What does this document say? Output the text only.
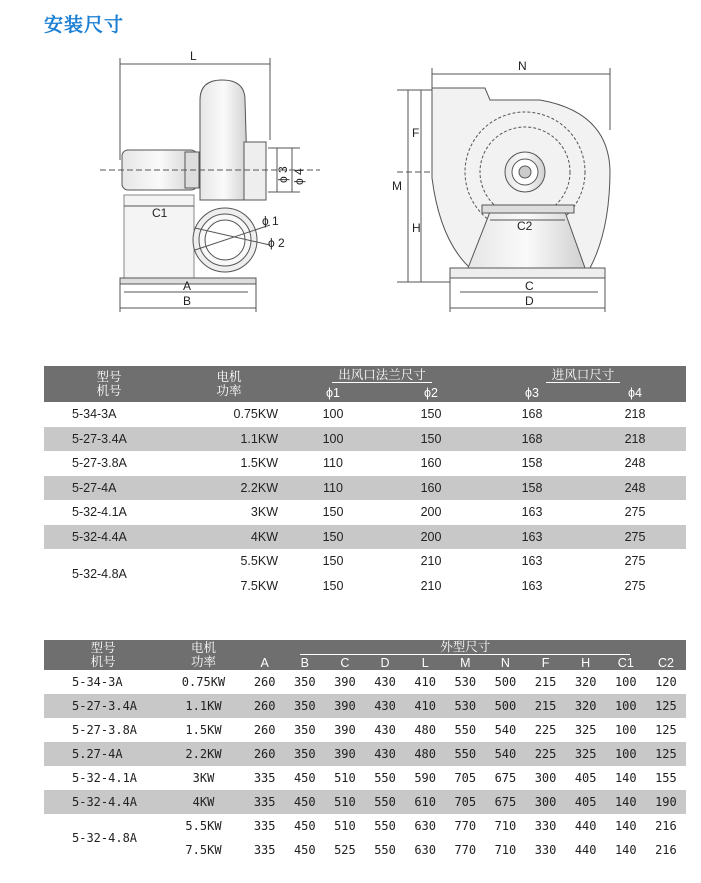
安装尺寸
L
C1
A
B
ϕ 1
ϕ 2
ϕ 3 ϕ 4
N
F
M
H	C2
C
D
型号
机号	电机
功率	出风口法兰尺寸		进风口尺寸	
		ϕ1	ϕ2	ϕ3	ϕ4
5-34-3A	0.75KW	100	150	168	218
5-27-3.4A	1.1KW	100	150	168	218
5-27-3.8A	1.5KW	110	160	158	248
5-27-4A	2.2KW	110	160	158	248
5-32-4.1A	3KW	150	200	163	275
5-32-4.4A	4KW	150	200	163	275
5-32-4.8A	5.5KW	150	210	163	275
	7.5KW	150	210	163	275
型号
机号	电机
功率	外型尺寸										
		A	B	C	D	L	M	N	F	H	C1	C2
5-34-3A	0.75KW	260	350	390	430	410	530	500	215	320	100	120
5-27-3.4A	1.1KW	260	350	390	430	410	530	500	215	320	100	125
5-27-3.8A	1.5KW	260	350	390	430	480	550	540	225	325	100	125
5.27-4A	2.2KW	260	350	390	430	480	550	540	225	325	100	125
5-32-4.1A	3KW	335	450	510	550	590	705	675	300	405	140	155
5-32-4.4A	4KW	335	450	510	550	610	705	675	300	405	140	190
5-32-4.8A	5.5KW	335	450	510	550	630	770	710	330	440	140	216
	7.5KW	335	450	525	550	630	770	710	330	440	140	216
